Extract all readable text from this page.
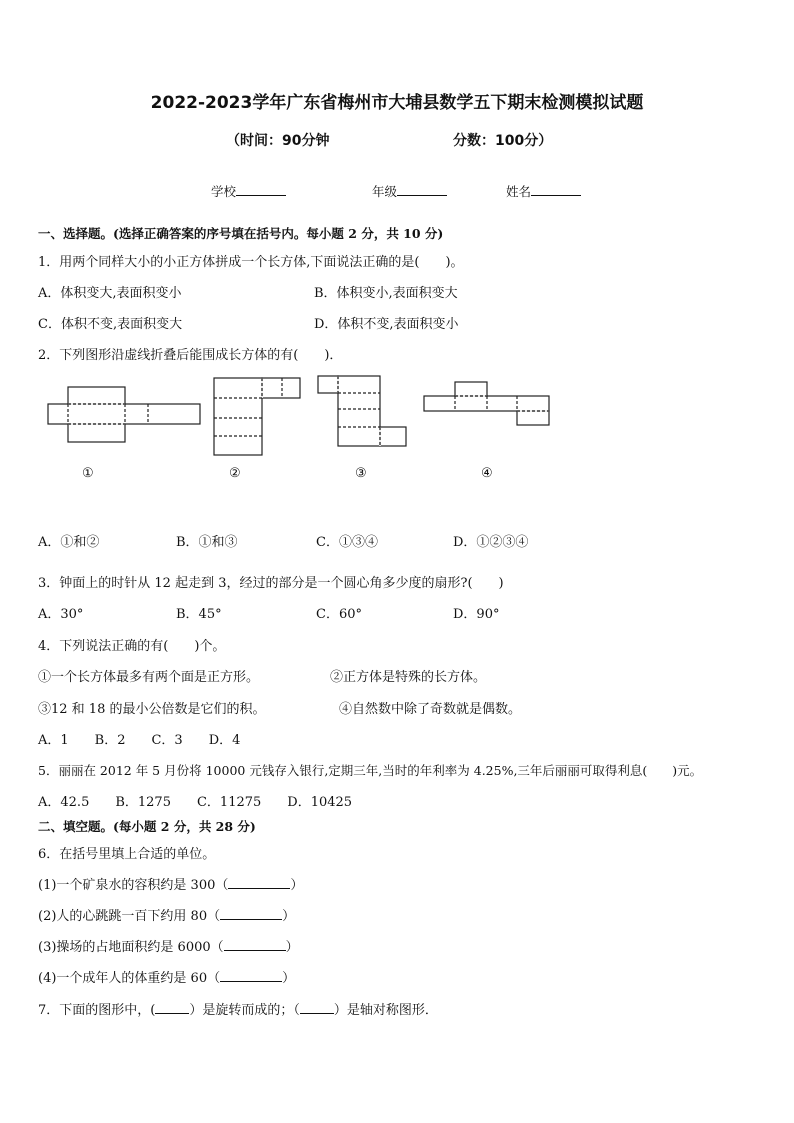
2022-2023学年广东省梅州市大埔县数学五下期末检测模拟试题
（时间：90分钟	分数：100分）
学校	年级	姓名
一、选择题。(选择正确答案的序号填在括号内。每小题 2 分，共 10 分)
1．用两个同样大小的小正方体拼成一个长方体,下面说法正确的是(　　)。
A．体积变大,表面积变小	B．体积变小,表面积变大
C．体积不变,表面积变大	D．体积不变,表面积变小
2．下列图形沿虚线折叠后能围成长方体的有(　　)．
①	②	③	④
A．①和②	B．①和③	C．①③④	D．①②③④
3．钟面上的时针从 12 起走到 3，经过的部分是一个圆心角多少度的扇形?(　　)
A．30°	B．45°	C．60°	D．90°
4．下列说法正确的有(　　)个。
①一个长方体最多有两个面是正方形。	②正方体是特殊的长方体。
③12 和 18 的最小公倍数是它们的积。	④自然数中除了奇数就是偶数。
A．1　　B．2　　C．3　　D．4
5．丽丽在 2012 年 5 月份将 10000 元钱存入银行,定期三年,当时的年利率为 4.25%,三年后丽丽可取得利息(　　)元。
A．42.5　　B．1275　　C．11275　　D．10425
二、填空题。(每小题 2 分，共 28 分)
6．在括号里填上合适的单位。
(1)一个矿泉水的容积约是 300（	）
(2)人的心跳跳一百下约用 80（	）
(3)操场的占地面积约是 6000（	）
(4)一个成年人的体重约是 60（	）
7．下面的图形中，(	）是旋转而成的；（	）是轴对称图形．
